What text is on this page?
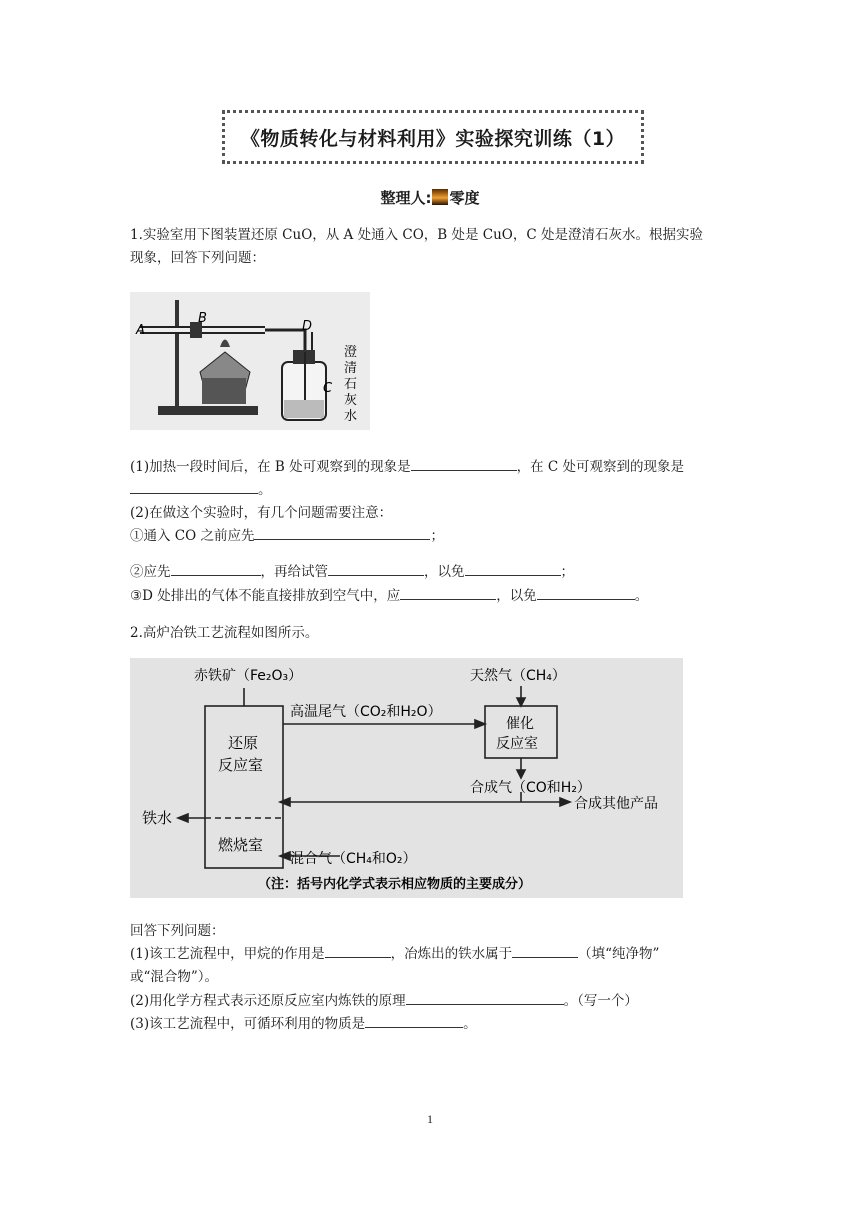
《物质转化与材料利用》实验探究训练（1）
整理人: 零度
1.实验室用下图装置还原 CuO，从 A 处通入 CO，B 处是 CuO，C 处是澄清石灰水。根据实验
现象，回答下列问题：
A
B
D
C
澄
清
石
灰
水
(1)加热一段时间后，在 B 处可观察到的现象是	，在 C 处可观察到的现象是
。
(2)在做这个实验时，有几个问题需要注意：
①通入 CO 之前应先	；
②应先	，再给试管	，以免	；
③D 处排出的气体不能直接排放到空气中，应	，以免	。
2.高炉冶铁工艺流程如图所示。
赤铁矿（Fe₂O₃）	天然气（CH₄）
高温尾气（CO₂和H₂O）
催化
反应室
还原
反应室
合成气（CO和H₂）
合成其他产品
铁水
燃烧室
混合气（CH₄和O₂）
（注：括号内化学式表示相应物质的主要成分）
回答下列问题：
(1)该工艺流程中，甲烷的作用是	，冶炼出的铁水属于	（填“纯净物”
或“混合物”）。
(2)用化学方程式表示还原反应室内炼铁的原理	。（写一个）
(3)该工艺流程中，可循环利用的物质是	。
1
